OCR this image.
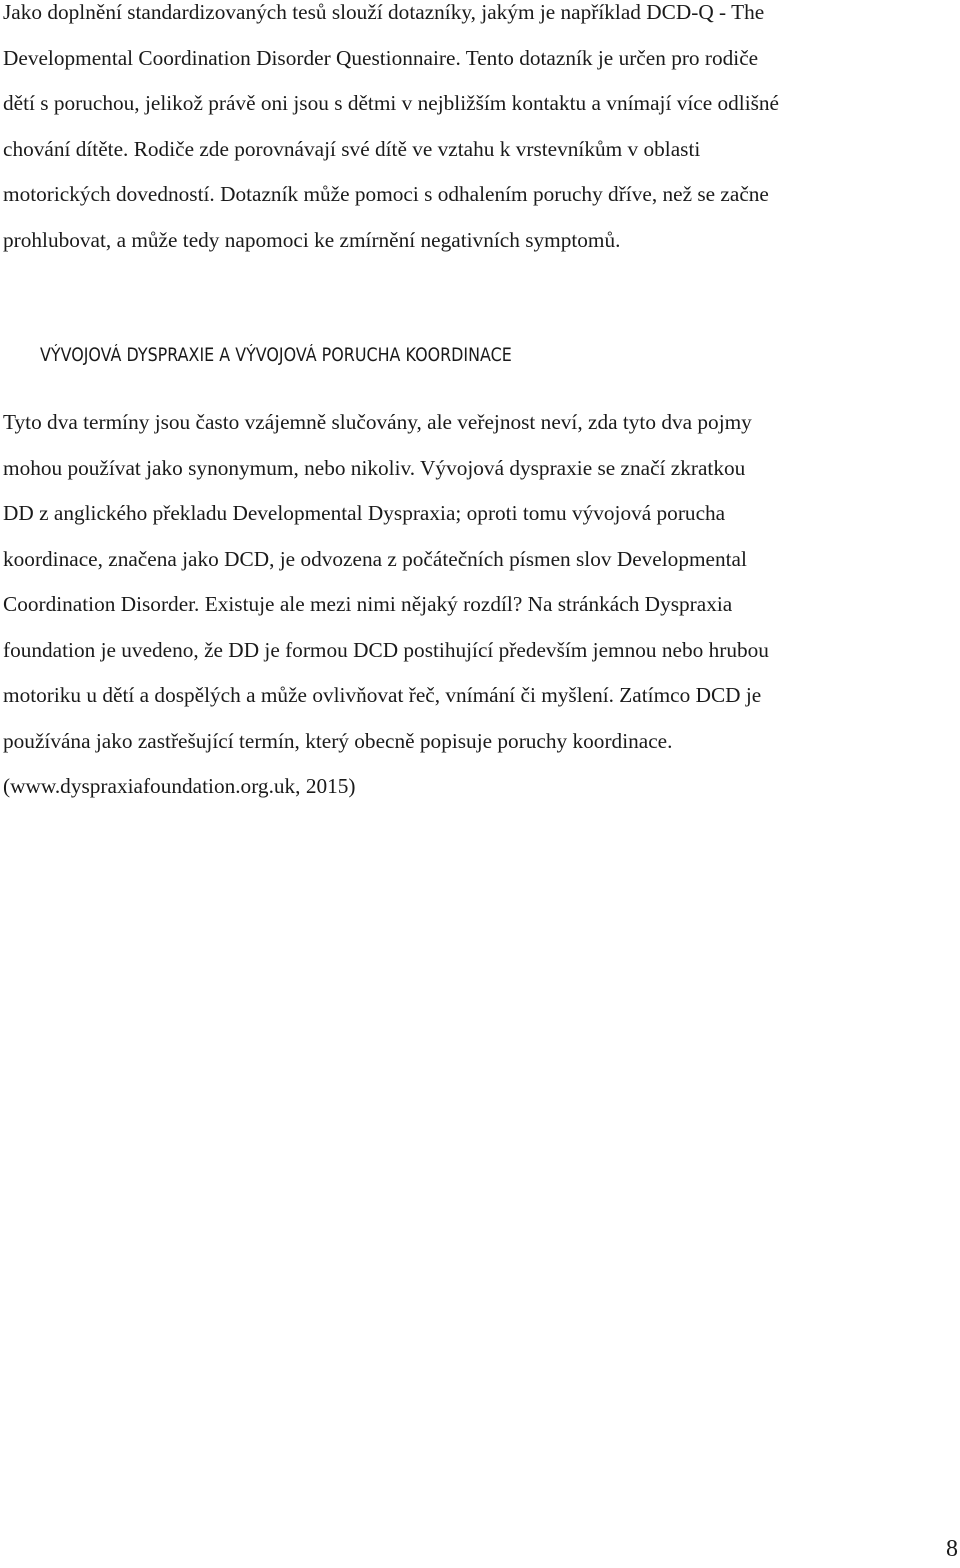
Jako doplnění standardizovaných tesů slouží dotazníky, jakým je například DCD-Q - The
Developmental Coordination Disorder Questionnaire. Tento dotazník je určen pro rodiče
dětí s poruchou, jelikož právě oni jsou s dětmi v nejbližším kontaktu a vnímají více odlišné
chování dítěte. Rodiče zde porovnávají své dítě ve vztahu k vrstevníkům v oblasti
motorických dovedností. Dotazník může pomoci s odhalením poruchy dříve, než se začne
prohlubovat, a může tedy napomoci ke zmírnění negativních symptomů.

VÝVOJOVÁ DYSPRAXIE A VÝVOJOVÁ PORUCHA KOORDINACE

Tyto dva termíny jsou často vzájemně slučovány, ale veřejnost neví, zda tyto dva pojmy
mohou používat jako synonymum, nebo nikoliv. Vývojová dyspraxie se značí zkratkou
DD z anglického překladu Developmental Dyspraxia; oproti tomu vývojová porucha
koordinace, značena jako DCD, je odvozena z počátečních písmen slov Developmental
Coordination Disorder. Existuje ale mezi nimi nějaký rozdíl? Na stránkách Dyspraxia
foundation je uvedeno, že DD je formou DCD postihující především jemnou nebo hrubou
motoriku u dětí a dospělých a může ovlivňovat řeč, vnímání či myšlení. Zatímco DCD je
používána jako zastřešující termín, který obecně popisuje poruchy koordinace.
(www.dyspraxiafoundation.org.uk, 2015)

8
